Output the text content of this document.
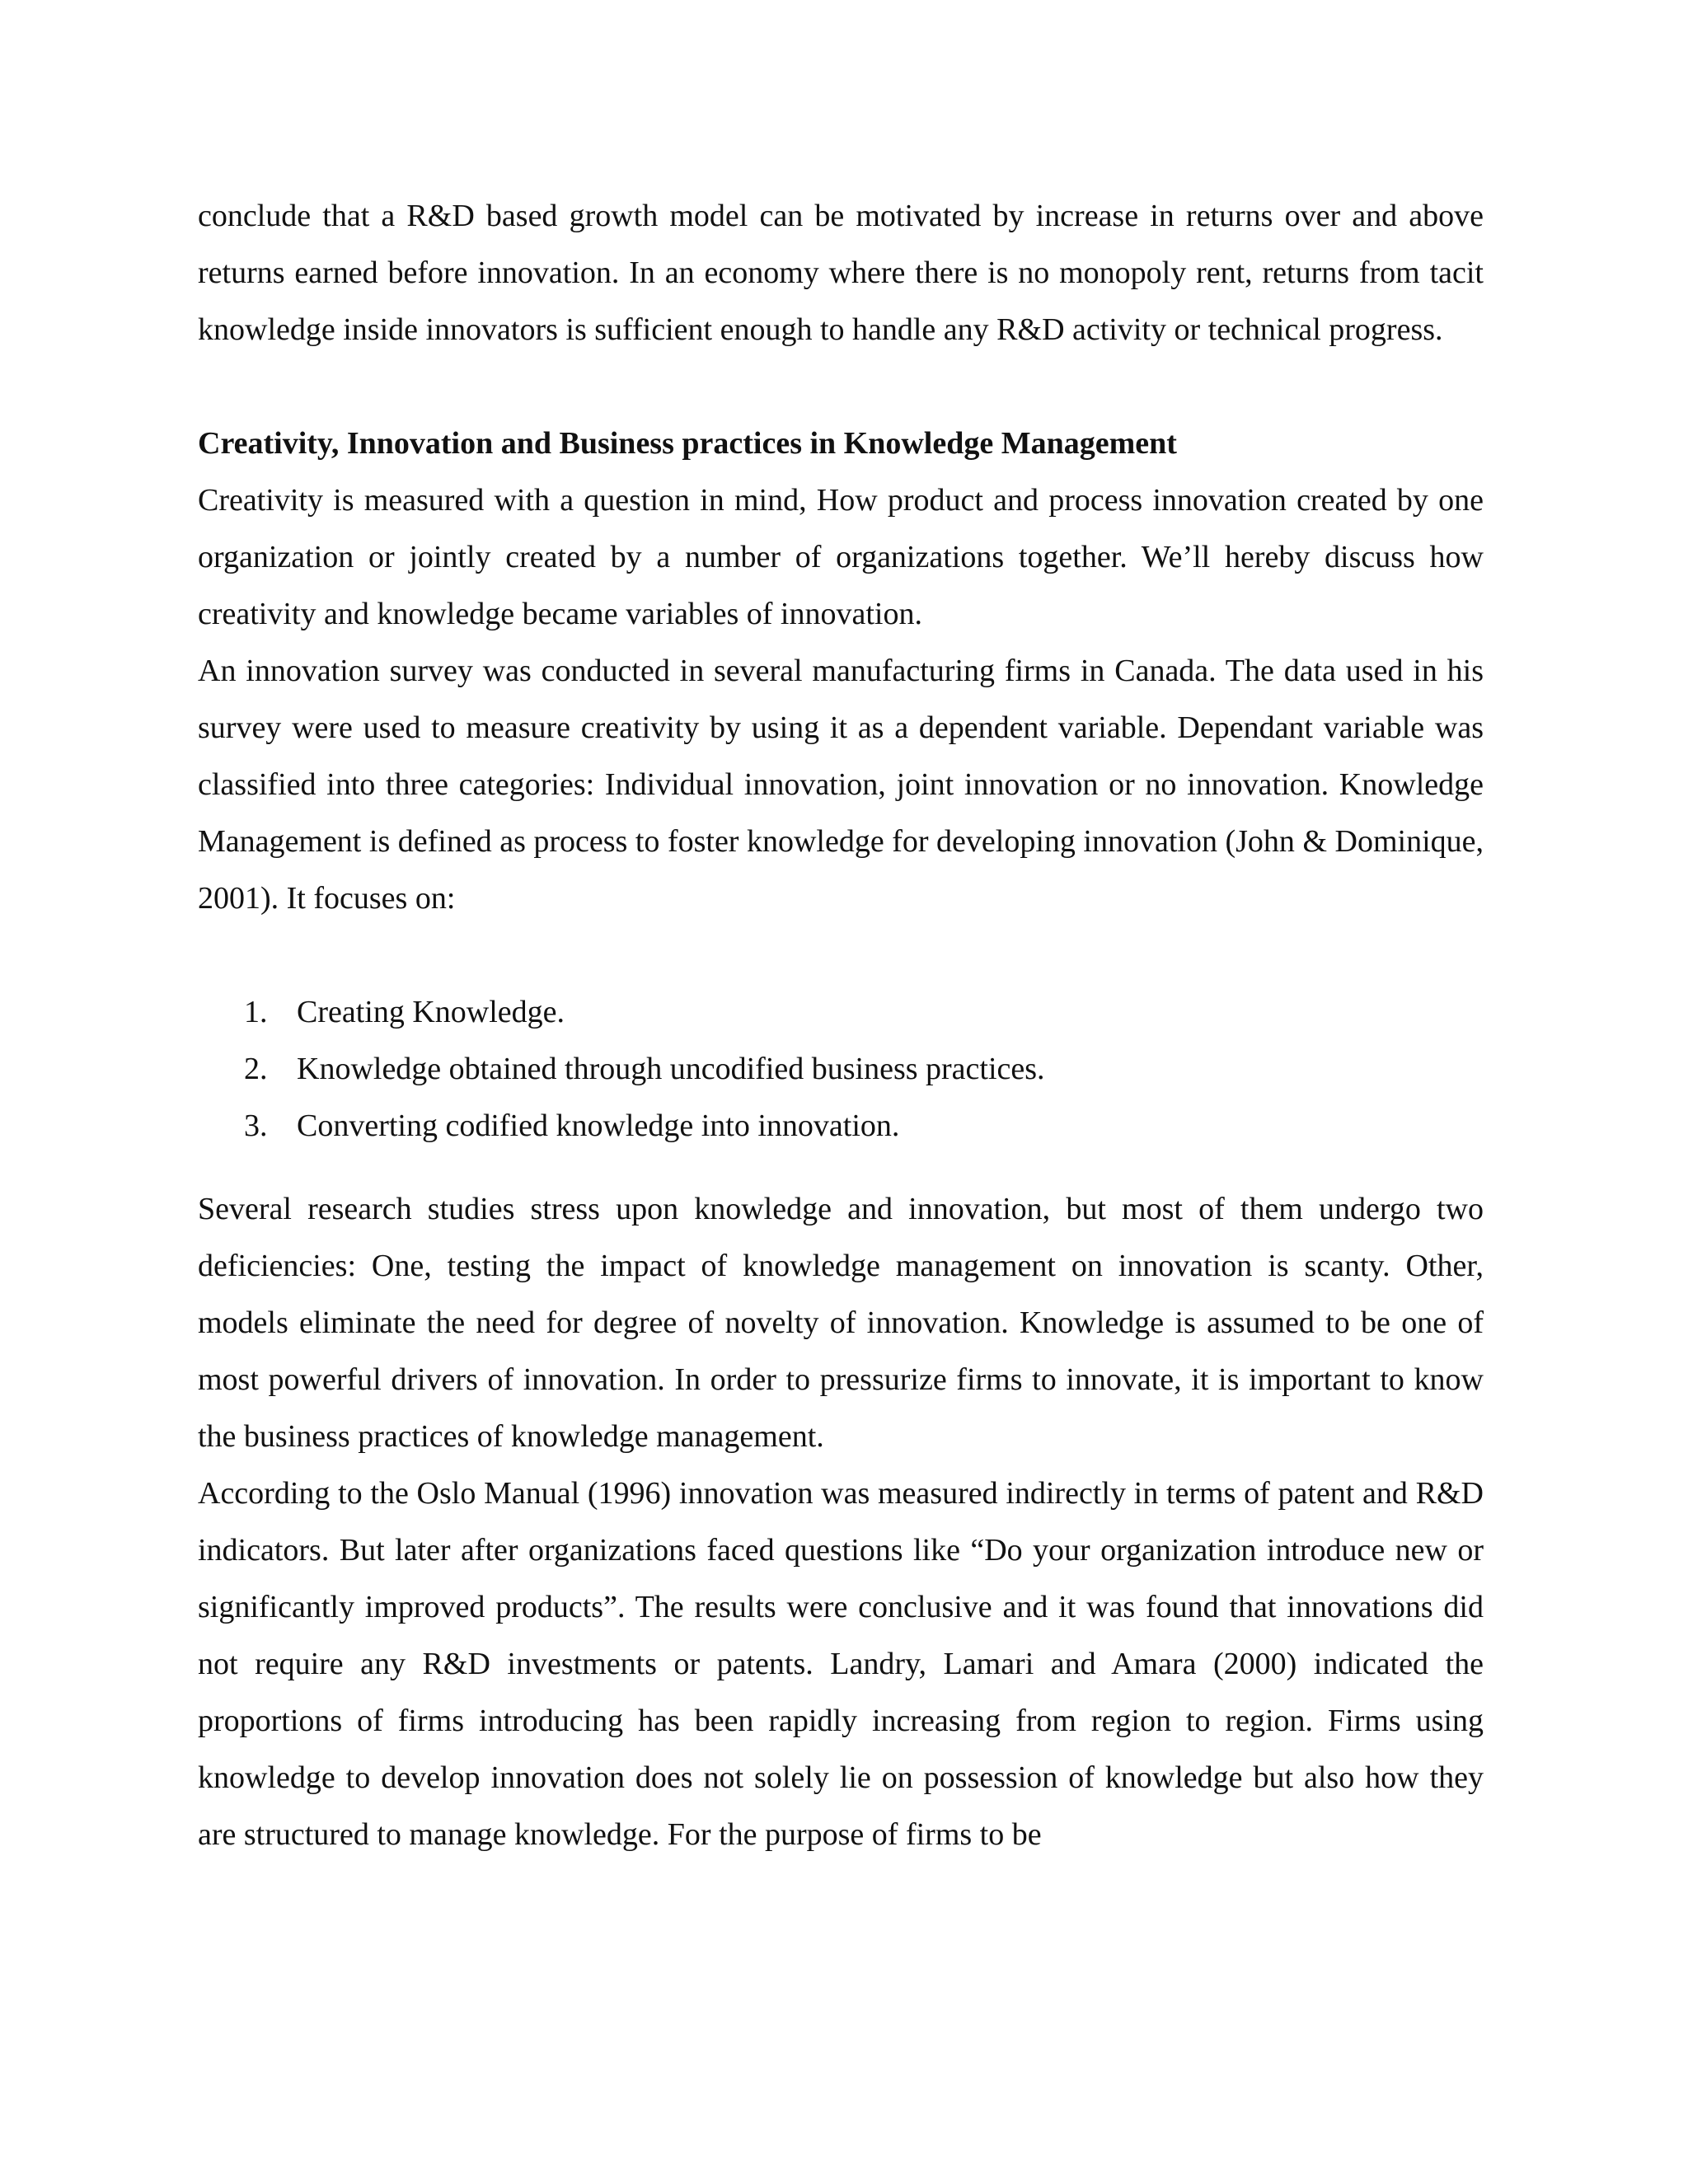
conclude that a R&D based growth model can be motivated by increase in returns over and above returns earned before innovation. In an economy where there is no monopoly rent, returns from tacit knowledge inside innovators is sufficient enough to handle any R&D activity or technical progress.

Creativity, Innovation and Business practices in Knowledge Management

Creativity is measured with a question in mind, How product and process innovation created by one organization or jointly created by a number of organizations together. We’ll hereby discuss how creativity and knowledge became variables of innovation.

An innovation survey was conducted in several manufacturing firms in Canada. The data used in his survey were used to measure creativity by using it as a dependent variable. Dependant variable was classified into three categories: Individual innovation, joint innovation or no innovation. Knowledge Management is defined as process to foster knowledge for developing innovation (John & Dominique, 2001). It focuses on:

1. Creating Knowledge.
2. Knowledge obtained through uncodified business practices.
3. Converting codified knowledge into innovation.

Several research studies stress upon knowledge and innovation, but most of them undergo two deficiencies: One, testing the impact of knowledge management on innovation is scanty. Other, models eliminate the need for degree of novelty of innovation. Knowledge is assumed to be one of most powerful drivers of innovation. In order to pressurize firms to innovate, it is important to know the business practices of knowledge management.

According to the Oslo Manual (1996) innovation was measured indirectly in terms of patent and R&D indicators. But later after organizations faced questions like “Do your organization introduce new or significantly improved products”. The results were conclusive and it was found that innovations did not require any R&D investments or patents. Landry, Lamari and Amara (2000) indicated the proportions of firms introducing has been rapidly increasing from region to region. Firms using knowledge to develop innovation does not solely lie on possession of knowledge but also how they are structured to manage knowledge. For the purpose of firms to be
